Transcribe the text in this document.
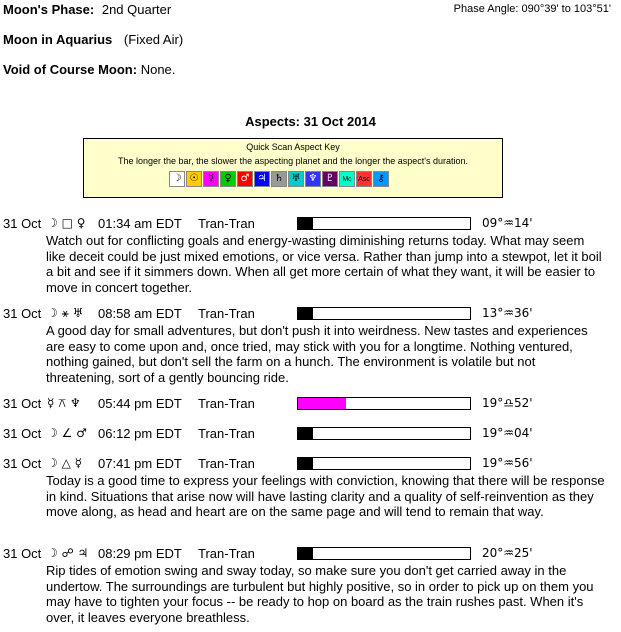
Moon's Phase: 2nd Quarter	Phase Angle: 090°39' to 103°51'
Moon in Aquarius (Fixed Air)
Void of Course Moon: None.
Aspects: 31 Oct 2014
Quick Scan Aspect Key
The longer the bar, the slower the aspecting planet and the longer the aspect's duration.
☽ ☉ ☿	♀ ♂ ♃ ♄ ♅ ♆ ♇	Mc Asc ⚷
31 Oct ☽ □ ♀ 01:34 am EDT Tran-Tran	09°♒14'
Watch out for conflicting goals and energy-wasting diminishing returns today. What may seem like deceit could be just mixed emotions, or vice versa. Rather than jump into a stewpot, let it boil a bit and see if it simmers down. When all get more certain of what they want, it will be easier to move in concert together.
31 Oct ☽ ⚹ ♅ 08:58 am EDT Tran-Tran	13°♒36'
A good day for small adventures, but don't push it into weirdness. New tastes and experiences are easy to come upon and, once tried, may stick with you for a longtime. Nothing ventured, nothing gained, but don't sell the farm on a hunch. The environment is volatile but not threatening, sort of a gently bouncing ride.
31 Oct ☿ ⚻ ♆ 05:44 pm EDT Tran-Tran	19°♎52'
31 Oct ☽ ∠ ♂ 06:12 pm EDT Tran-Tran	19°♒04'
31 Oct ☽ △ ☿ 07:41 pm EDT Tran-Tran	19°♒56'
Today is a good time to express your feelings with conviction, knowing that there will be response in kind. Situations that arise now will have lasting clarity and a quality of self-reinvention as they move along, as head and heart are on the same page and will tend to remain that way.
31 Oct ☽ ☍ ♃ 08:29 pm EDT Tran-Tran	20°♒25'
Rip tides of emotion swing and sway today, so make sure you don't get carried away in the undertow. The surroundings are turbulent but highly positive, so in order to pick up on them you may have to tighten your focus -- be ready to hop on board as the train rushes past. When it's over, it leaves everyone breathless.
